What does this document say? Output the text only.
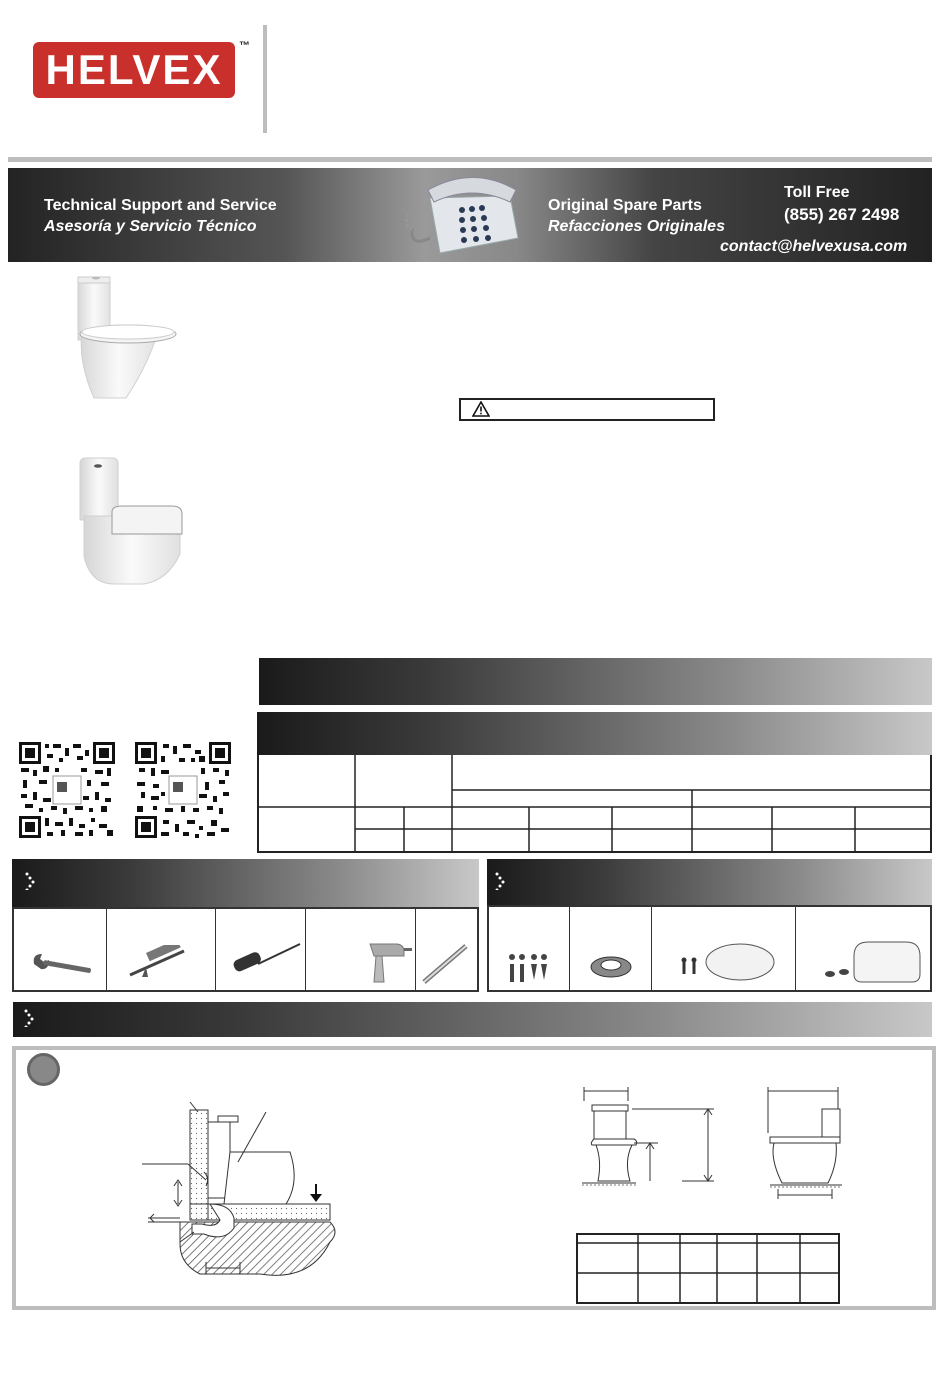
HELVEX	™
Technical Support and Service
Asesoría y Servicio Técnico
Original Spare Parts
Refacciones Originales
Toll Free
(855) 267 2498
contact@helvexusa.com
